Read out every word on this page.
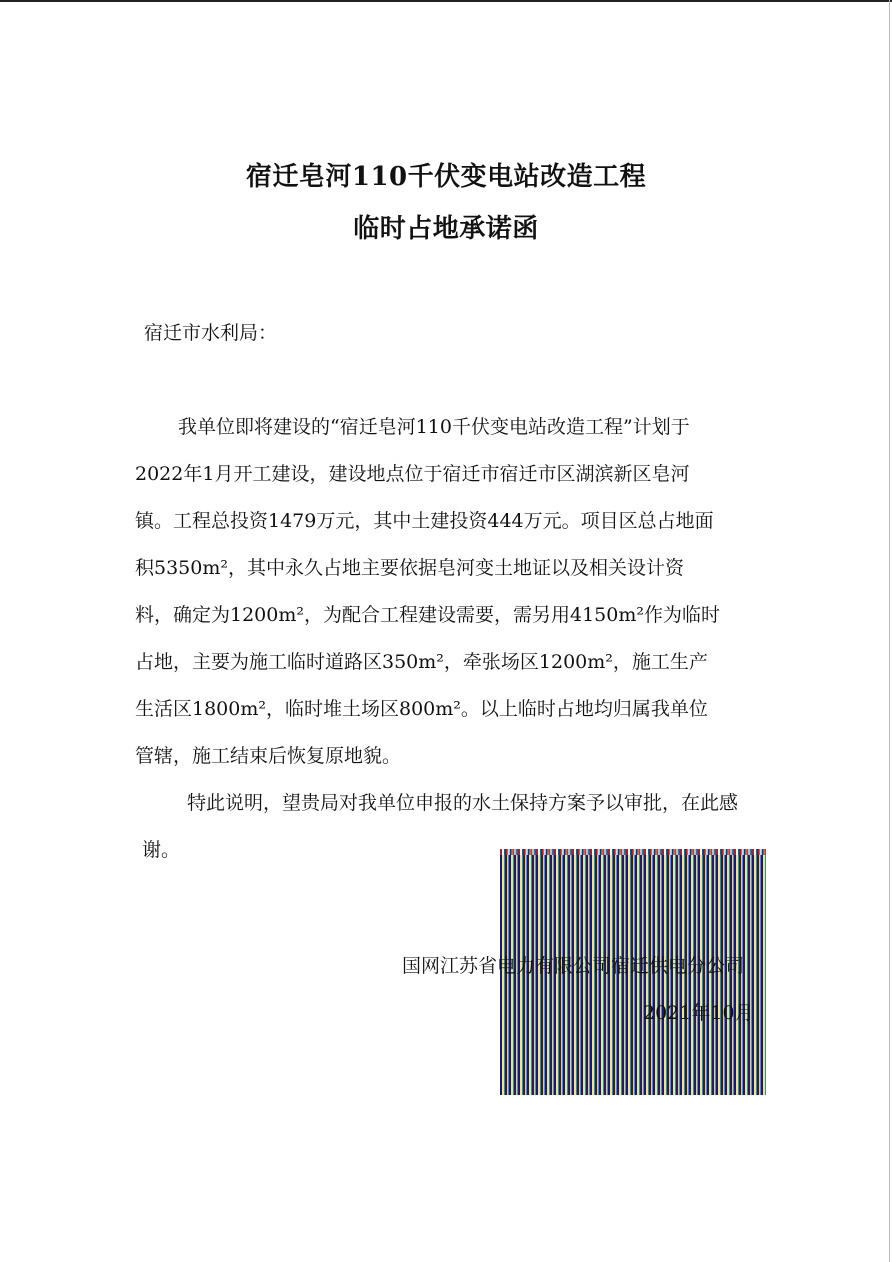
宿迁皂河110千伏变电站改造工程
临时占地承诺函
宿迁市水利局：
我单位即将建设的“宿迁皂河110千伏变电站改造工程”计划于
2022年1月开工建设，建设地点位于宿迁市宿迁市区湖滨新区皂河
镇。工程总投资1479万元，其中土建投资444万元。项目区总占地面
积5350m²，其中永久占地主要依据皂河变土地证以及相关设计资
料，确定为1200m²，为配合工程建设需要，需另用4150m²作为临时
占地，主要为施工临时道路区350m²，牵张场区1200m²，施工生产
生活区1800m²，临时堆土场区800m²。以上临时占地均归属我单位
管辖，施工结束后恢复原地貌。
特此说明，望贵局对我单位申报的水土保持方案予以审批，在此感
谢。
国网江苏省电力有限公司宿迁供电分公司
2021年10月
